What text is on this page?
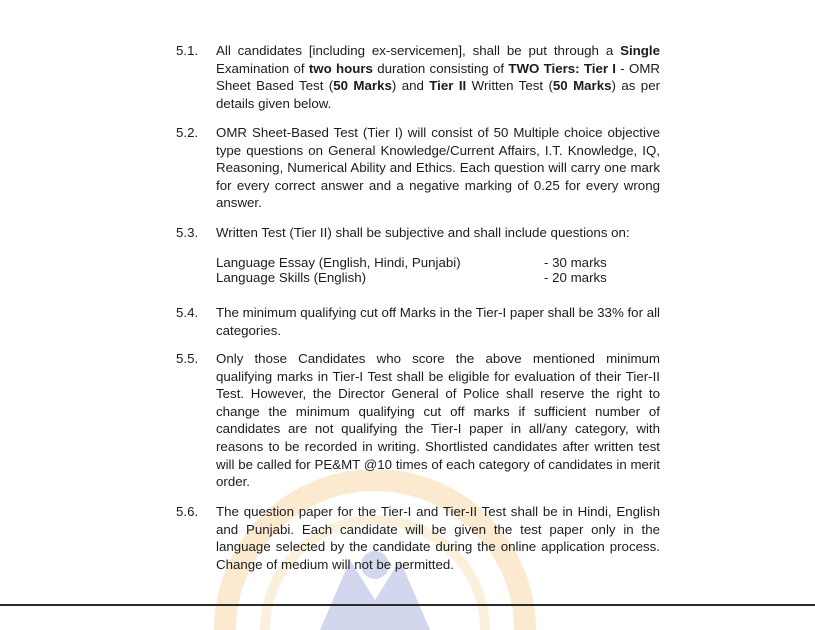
5.1.	All candidates [including ex-servicemen], shall be put through a Single Examination of two hours duration consisting of TWO Tiers: Tier I - OMR Sheet Based Test (50 Marks) and Tier II Written Test (50 Marks) as per details given below.
5.2.	OMR Sheet-Based Test (Tier I) will consist of 50 Multiple choice objective type questions on General Knowledge/Current Affairs, I.T. Knowledge, IQ, Reasoning, Numerical Ability and Ethics. Each question will carry one mark for every correct answer and a negative marking of 0.25 for every wrong answer.
5.3.	Written Test (Tier II) shall be subjective and shall include questions on:
Language Essay (English, Hindi, Punjabi)	- 30 marks
Language Skills (English)	- 20 marks
5.4.	The minimum qualifying cut off Marks in the Tier-I paper shall be 33% for all categories.
5.5.	Only those Candidates who score the above mentioned minimum qualifying marks in Tier-I Test shall be eligible for evaluation of their Tier-II Test. However, the Director General of Police shall reserve the right to change the minimum qualifying cut off marks if sufficient number of candidates are not qualifying the Tier-I paper in all/any category, with reasons to be recorded in writing. Shortlisted candidates after written test will be called for PE&MT @10 times of each category of candidates in merit order.
5.6.	The question paper for the Tier-I and Tier-II Test shall be in Hindi, English and Punjabi. Each candidate will be given the test paper only in the language selected by the candidate during the online application process. Change of medium will not be permitted.
